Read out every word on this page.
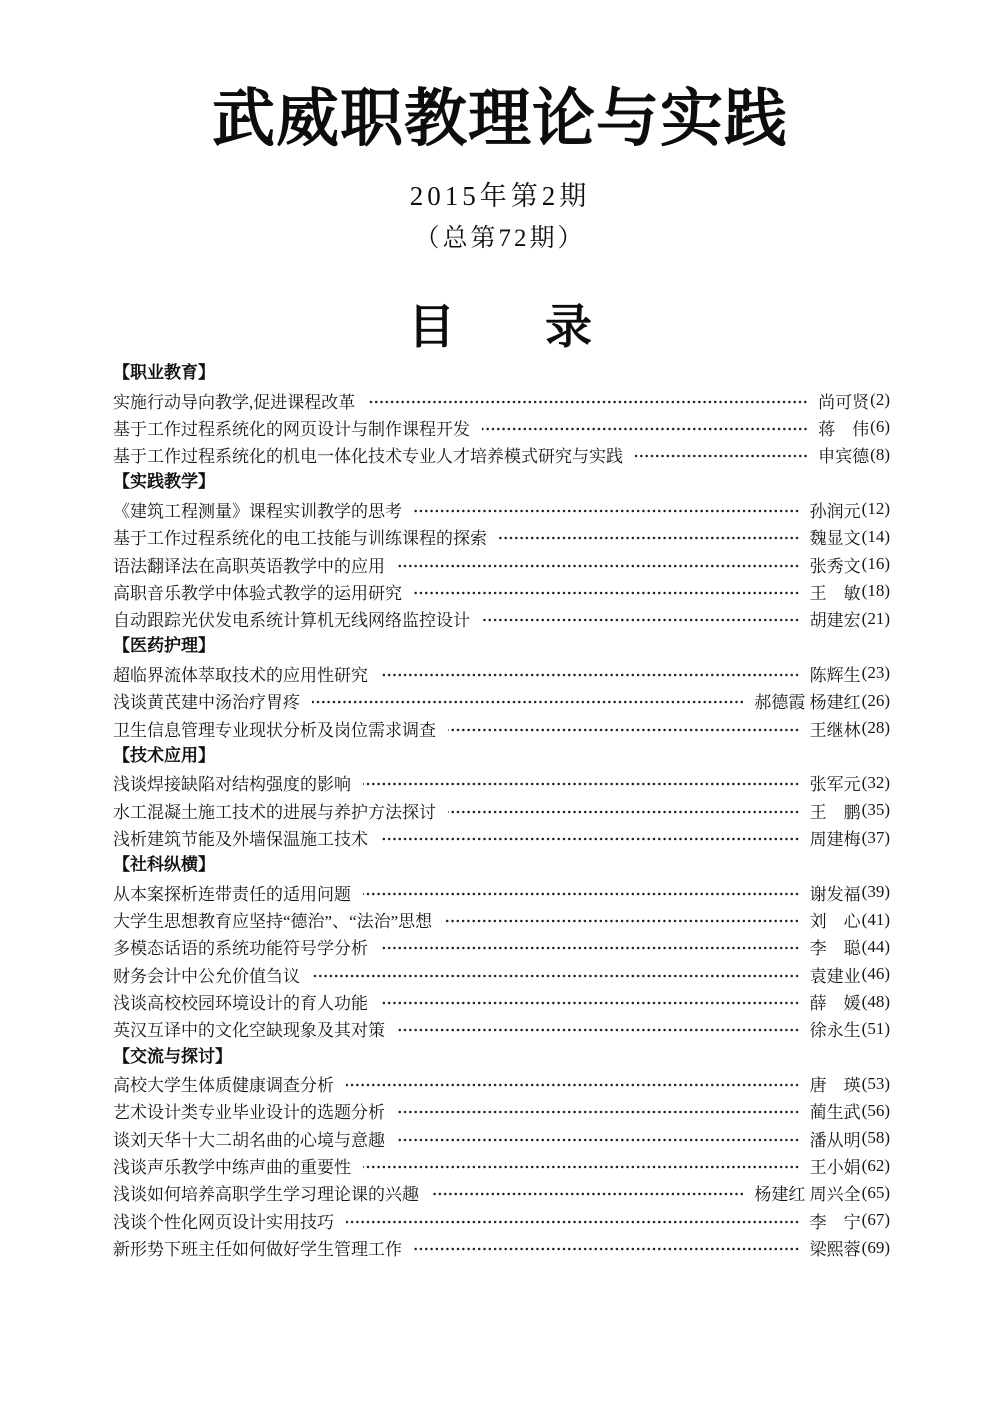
武威职教理论与实践
2015年第2期
（总第72期）
目录
【职业教育】
实施行动导向教学,促进课程改革	尚可贤 (2)
基于工作过程系统化的网页设计与制作课程开发	蒋　伟 (6)
基于工作过程系统化的机电一体化技术专业人才培养模式研究与实践	申宾德 (8)
【实践教学】
《建筑工程测量》课程实训教学的思考	孙润元 (12)
基于工作过程系统化的电工技能与训练课程的探索	魏显文 (14)
语法翻译法在高职英语教学中的应用	张秀文 (16)
高职音乐教学中体验式教学的运用研究	王　敏 (18)
自动跟踪光伏发电系统计算机无线网络监控设计	胡建宏 (21)
【医药护理】
超临界流体萃取技术的应用性研究	陈辉生 (23)
浅谈黄芪建中汤治疗胃疼	郝德霞 杨建红 (26)
卫生信息管理专业现状分析及岗位需求调查	王继林 (28)
【技术应用】
浅谈焊接缺陷对结构强度的影响	张军元 (32)
水工混凝土施工技术的进展与养护方法探讨	王　鹏 (35)
浅析建筑节能及外墙保温施工技术	周建梅 (37)
【社科纵横】
从本案探析连带责任的适用问题	谢发福 (39)
大学生思想教育应坚持“德治”、“法治”思想	刘　心 (41)
多模态话语的系统功能符号学分析	李　聪 (44)
财务会计中公允价值刍议	袁建业 (46)
浅谈高校校园环境设计的育人功能	薛　媛 (48)
英汉互译中的文化空缺现象及其对策	徐永生 (51)
【交流与探讨】
高校大学生体质健康调查分析	唐　瑛 (53)
艺术设计类专业毕业设计的选题分析	蔺生武 (56)
谈刘天华十大二胡名曲的心境与意趣	潘从明 (58)
浅谈声乐教学中练声曲的重要性	王小娟 (62)
浅谈如何培养高职学生学习理论课的兴趣	杨建红 周兴全 (65)
浅谈个性化网页设计实用技巧	李　宁 (67)
新形势下班主任如何做好学生管理工作	梁熙蓉 (69)
